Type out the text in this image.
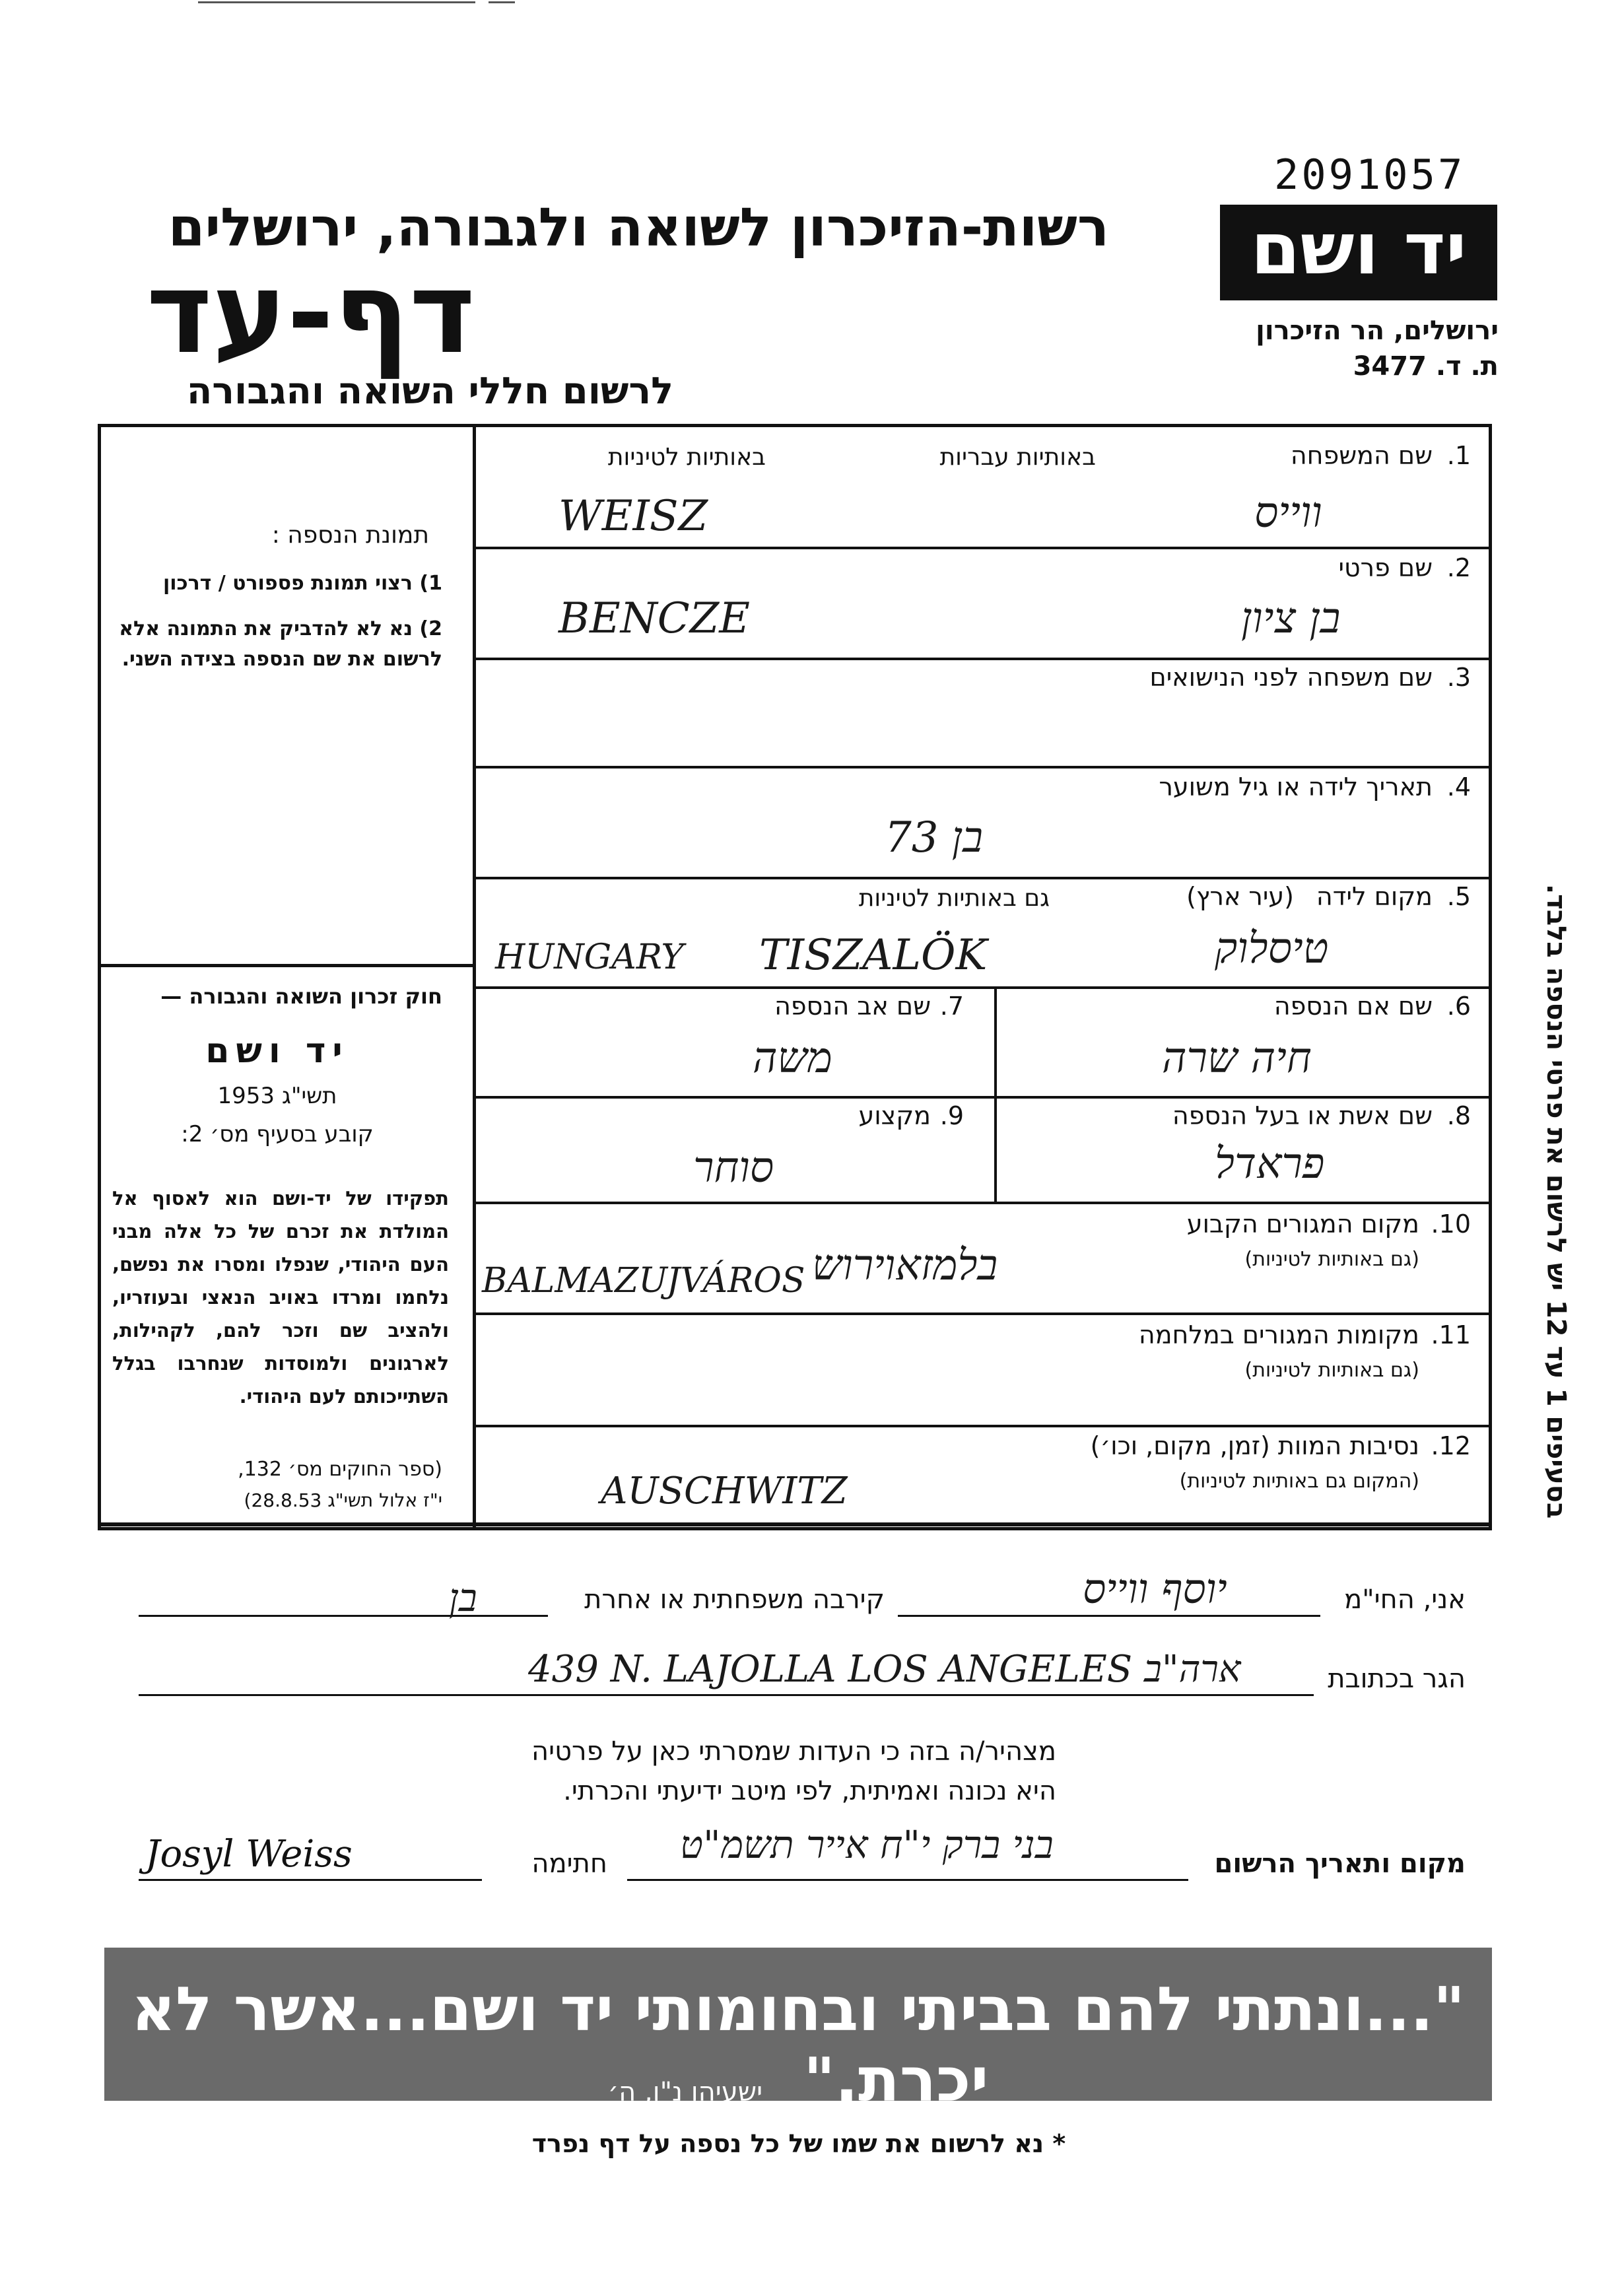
2091057
יד ושם
ירושלים, הר הזיכרון
ת. ד. 3477
רשות-הזיכרון לשואה ולגבורה, ירושלים
דף-עד
לרשום חללי השואה והגבורה
תמונת הנספה :
1) רצוי תמונת פספורט / דרכון
2) נא לא להדביק את התמונה אלא לרשום את שם הנספה בצידה השני.
חוק זכרון השואה והגבורה —
יד ושם
תשי"ג 1953
קובע בסעיף מס׳ 2:
תפקידו של יד-ושם הוא לאסוף אל המולדת את זכרם של כל אלה מבני העם היהודי, שנפלו ומסרו את נפשם, נלחמו ומרדו באויב הנאצי ובעוזריו, ולהציב שם וזכר להם, לקהילות, לארגונים ולמוסדות שנחרבו בגלל השתייכותם לעם היהודי.
(ספר החוקים מס׳ 132,
י"ז אלול תשי"ג 28.8.53)
1.
שם המשפחה
באותיות עבריות
באותיות לטיניות
ווייס
WEISZ
2.
שם פרטי
בן ציון
BENCZE
3.
שם משפחה לפני הנישואים
4.
תאריך לידה או גיל משוער
בן 73
5.
מקום לידה
(עיר ארץ)
גם באותיות לטיניות
טיסלוק
TISZALÖK
HUNGARY
6.
שם אם הנספה
חיה שרה
7.
שם אב הנספה
משה
8.
שם אשת או בעל הנספה
פראדל
9.
מקצוע
סוחר
10.
מקום המגורים הקבוע
(גם באותיות לטיניות)
בלמזאוירוש
BALMAZUJVÁROS
11.
מקומות המגורים במלחמה
(גם באותיות לטיניות)
12.
נסיבות המוות (זמן, מקום, וכו׳)
(המקום גם באותיות לטיניות)
AUSCHWITZ
אני, החי"מ
יוסף ווייס
קירבה משפחתית או אחרת
בן
הגר בכתובת
439 N. LAJOLLA LOS ANGELES ארה"ב
מצהיר/ה בזה כי העדות שמסרתי כאן על פרטיה
היא נכונה ואמיתית, לפי מיטב ידיעתי והכרתי.
מקום ותאריך הרשום
בני ברק י"ח אייר תשמ"ט
חתימה
Josyl Weiss
"...ונתתי להם בביתי ובחומותי יד ושם...אשר לא יכרת." ישעיהו נ"ו, ה׳
* נא לרשום את שמו של כל נספה על דף נפרד
בסעיפים 1 עד 12 יש לרשום את פרטי הנספה בלבד.
